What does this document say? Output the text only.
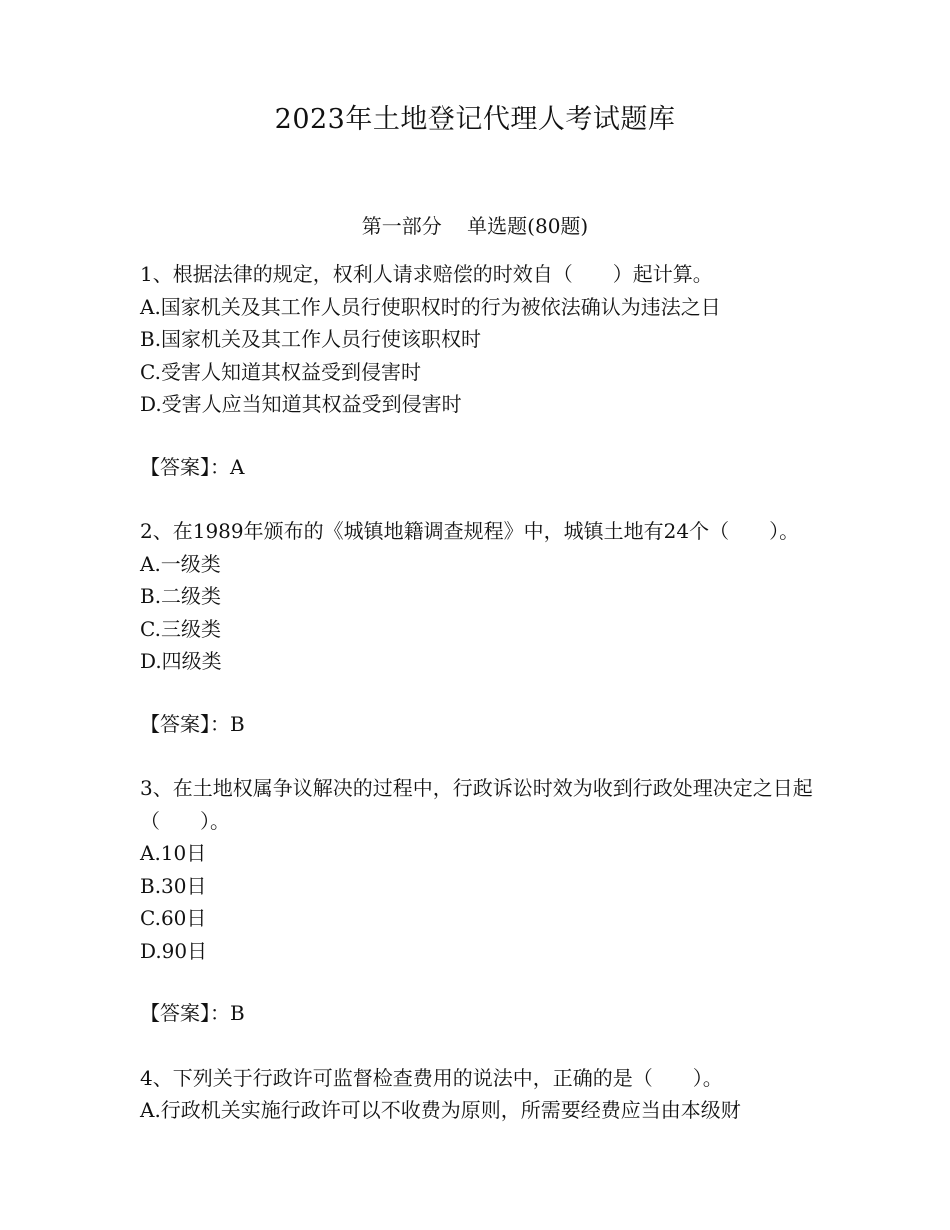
2023年土地登记代理人考试题库
第一部分    单选题(80题)

1、根据法律的规定，权利人请求赔偿的时效自（　　）起计算。

A.国家机关及其工作人员行使职权时的行为被依法确认为违法之日

B.国家机关及其工作人员行使该职权时

C.受害人知道其权益受到侵害时

D.受害人应当知道其权益受到侵害时

【答案】：A

2、在1989年颁布的《城镇地籍调查规程》中，城镇土地有24个（　　）。

A.一级类

B.二级类

C.三级类

D.四级类

【答案】：B

3、在土地权属争议解决的过程中，行政诉讼时效为收到行政处理决定之日起（　　）。

A.10日

B.30日

C.60日

D.90日

【答案】：B

4、下列关于行政许可监督检查费用的说法中，正确的是（　　）。

A.行政机关实施行政许可以不收费为原则，所需要经费应当由本级财
